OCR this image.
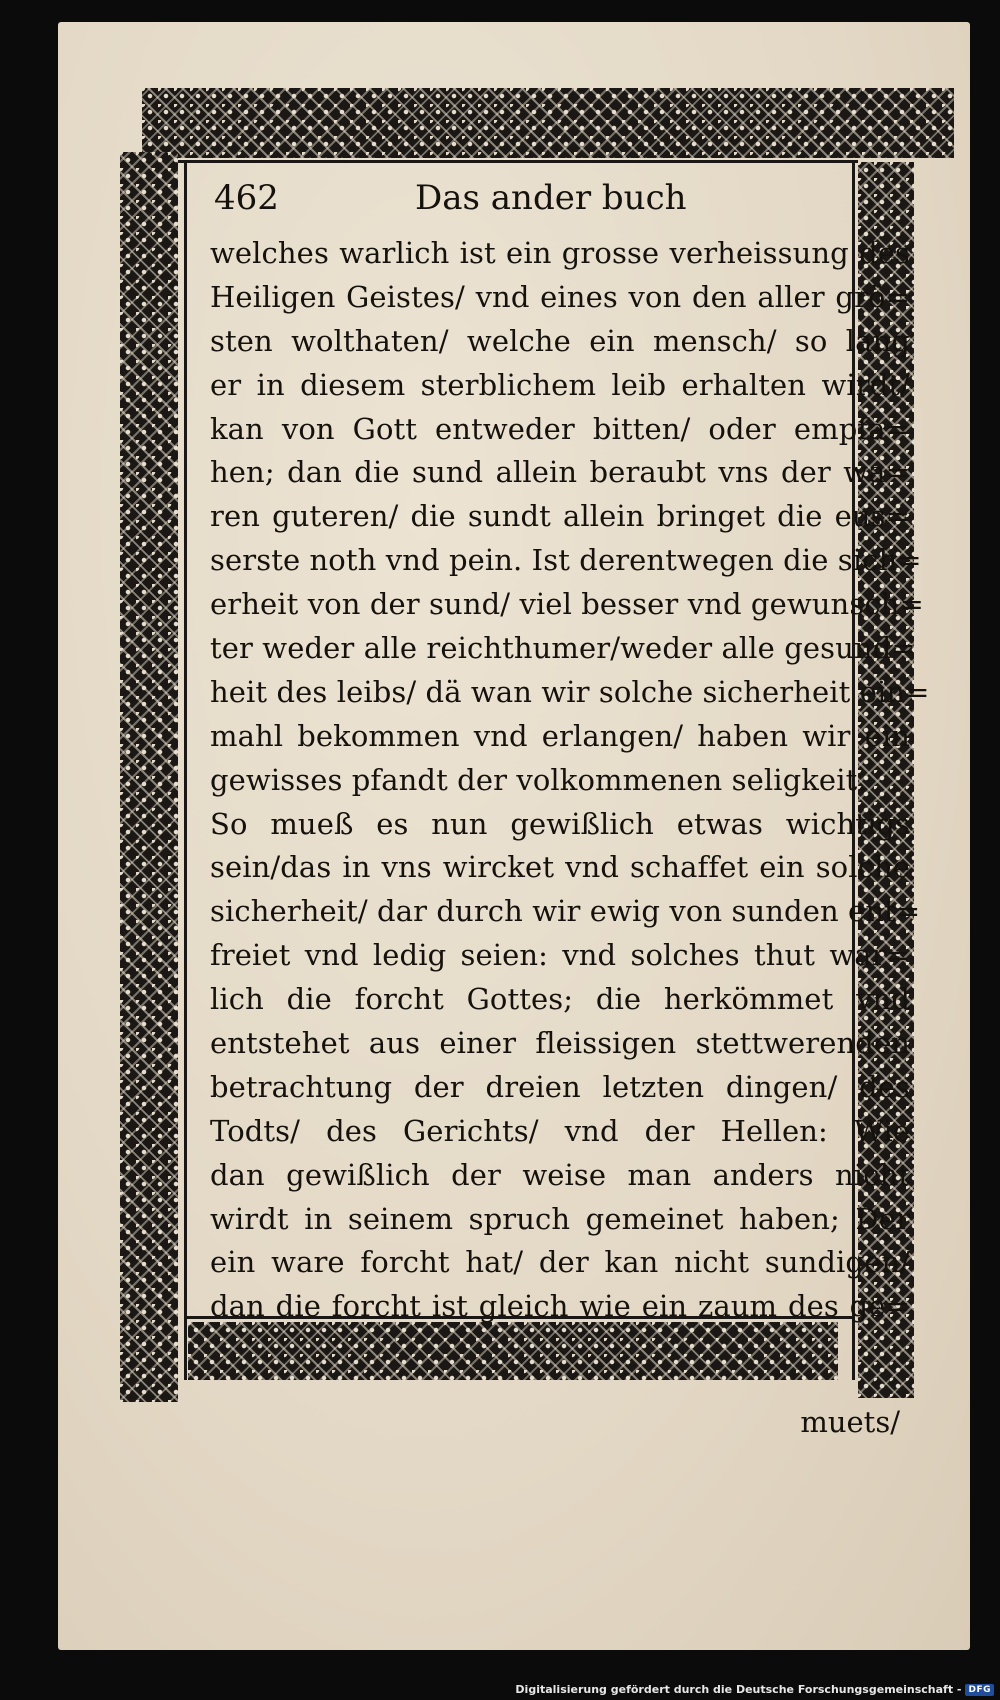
462	Das ander buch
welches warlich ist ein grosse verheissung des
Heiligen Geistes/ vnd eines von den aller grö=
sten wolthaten/ welche ein mensch/ so lang
er in diesem sterblichem leib erhalten wirdt/
kan von Gott entweder bitten/ oder empfa=
hen; dan die sund allein beraubt vns der wa=
ren guteren/ die sundt allein bringet die eus=
serste noth vnd pein. Ist derentwegen die sich=
erheit von der sund/ viel besser vnd gewunsch=
ter weder alle reichthumer/weder alle gesund=
heit des leibs/ dä wan wir solche sicherheit ein=
mahl bekommen vnd erlangen/ haben wir ein
gewisses pfandt der volkommenen seligkeit.
So mueß es nun gewißlich etwas wichtigs
sein/das in vns wircket vnd schaffet ein solche
sicherheit/ dar durch wir ewig von sunden ent=
freiet vnd ledig seien: vnd solches thut war=
lich die forcht Gottes; die herkömmet vnd
entstehet aus einer fleissigen stettwerenden
betrachtung der dreien letzten dingen/ des
Todts/ des Gerichts/ vnd der Hellen: Wie
dan gewißlich der weise man anders nicht
wirdt in seinem spruch gemeinet haben; Der
ein ware forcht hat/ der kan nicht sundigen/
dan die forcht ist gleich wie ein zaum des ge=
muets/
Digitalisierung gefördert durch die Deutsche Forschungsgemeinschaft - DFG
